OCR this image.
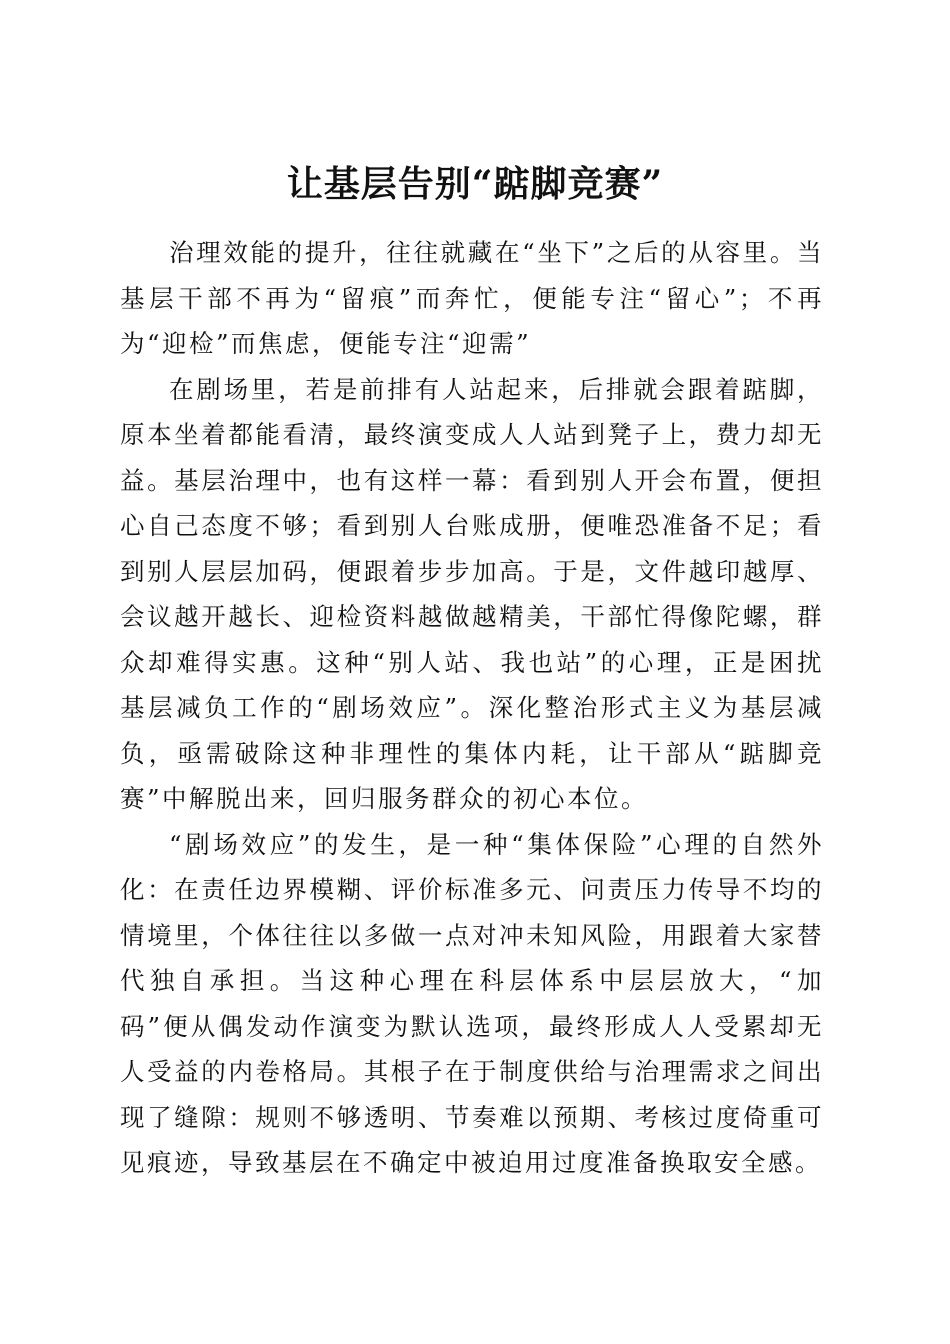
让基层告别“踮脚竞赛”

治理效能的提升，往往就藏在“坐下”之后的从容里。当基层干部不再为“留痕”而奔忙，便能专注“留心”；不再为“迎检”而焦虑，便能专注“迎需”

在剧场里，若是前排有人站起来，后排就会跟着踮脚，原本坐着都能看清，最终演变成人人站到凳子上，费力却无益。基层治理中，也有这样一幕：看到别人开会布置，便担心自己态度不够；看到别人台账成册，便唯恐准备不足；看到别人层层加码，便跟着步步加高。于是，文件越印越厚、会议越开越长、迎检资料越做越精美，干部忙得像陀螺，群众却难得实惠。这种“别人站、我也站”的心理，正是困扰基层减负工作的“剧场效应”。深化整治形式主义为基层减负，亟需破除这种非理性的集体内耗，让干部从“踮脚竞赛”中解脱出来，回归服务群众的初心本位。

“剧场效应”的发生，是一种“集体保险”心理的自然外化：在责任边界模糊、评价标准多元、问责压力传导不均的情境里，个体往往以多做一点对冲未知风险，用跟着大家替代独自承担。当这种心理在科层体系中层层放大，“加码”便从偶发动作演变为默认选项，最终形成人人受累却无人受益的内卷格局。其根子在于制度供给与治理需求之间出现了缝隙：规则不够透明、节奏难以预期、考核过度倚重可见痕迹，导致基层在不确定中被迫用过度准备换取安全感。
